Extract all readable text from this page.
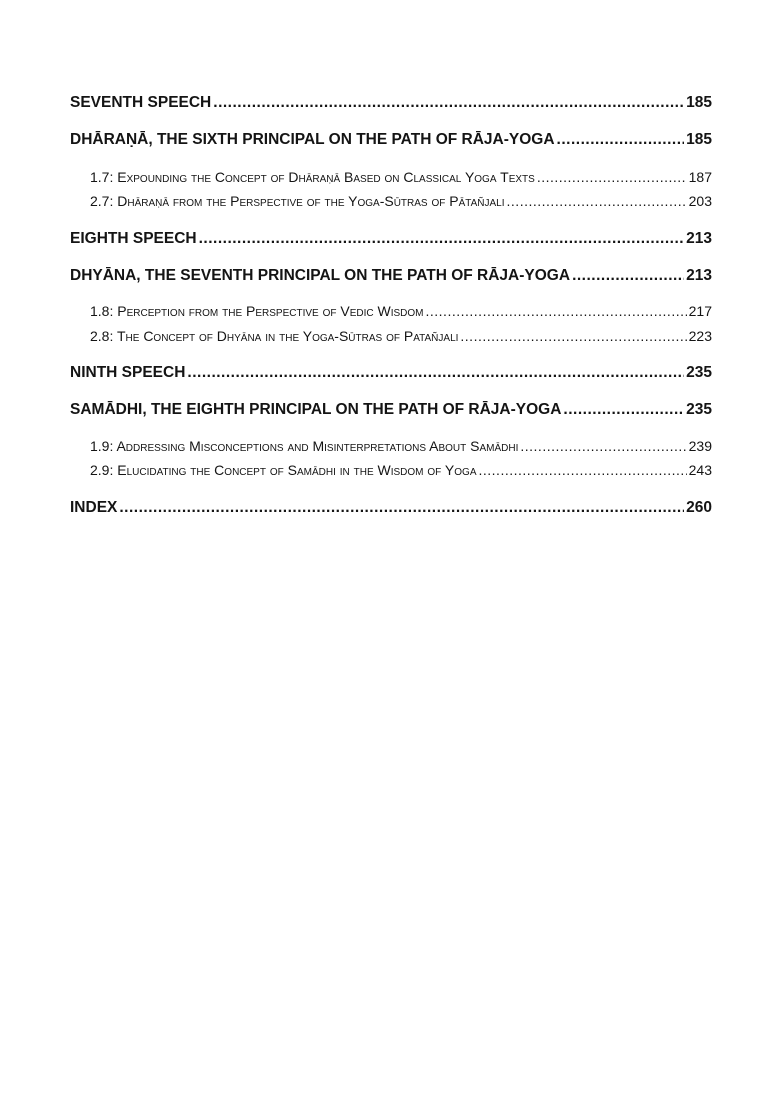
SEVENTH SPEECH .....	185
DHĀRAṆĀ, THE SIXTH PRINCIPAL ON THE PATH OF RĀJA-YOGA .....	185
1.7: Expounding the Concept of Dhāraṇā Based on Classical Yoga Texts .....	187
2.7: Dhāraṇā from the Perspective of the Yoga-Sūtras of Pātañjali .....	203
EIGHTH SPEECH .....	213
DHYĀNA, THE SEVENTH PRINCIPAL ON THE PATH OF RĀJA-YOGA .....	213
1.8: Perception from the Perspective of Vedic Wisdom .....	217
2.8: The Concept of Dhyāna in the Yoga-Sūtras of Patañjali .....	223
NINTH SPEECH .....	235
SAMĀDHI, THE EIGHTH PRINCIPAL ON THE PATH OF RĀJA-YOGA .....	235
1.9: Addressing Misconceptions and Misinterpretations About Samādhi .....	239
2.9: Elucidating the Concept of Samādhi in the Wisdom of Yoga .....	243
INDEX .....	260
